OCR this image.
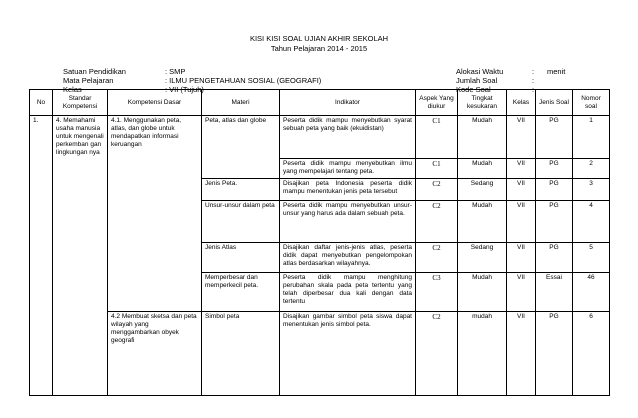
KISI KISI SOAL UJIAN AKHIR SEKOLAH
Tahun Pelajaran 2014 - 2015
Satuan Pendidikan	: SMP
Mata Pelajaran	: ILMU PENGETAHUAN SOSIAL (GEOGRAFI)
Kelas	: VII (Tujuh)
Alokasi Waktu	: menit
Jumlah Soal	:
Kode Soal	:
No	Standar Kompetensi	Kompetensi Dasar	Materi	Indikator	Aspek Yang diukur	Tingkat kesukaran	Kelas	Jenis Soal	Nomor soal
1.	4. Memahami usaha manusia untuk mengenali perkemban gan lingkungan nya	4.1. Menggunakan peta, atlas, dan globe untuk mendapatkan informasi keruangan	Peta, atlas dan globe	Peserta didik mampu menyebutkan syarat sebuah peta yang baik (ekuidistan)	C1	Mudah	VII	PG	1
				Peserta didik mampu menyebutkan ilmu yang mempelajari tentang peta.	C1	Mudah	VII	PG	2
			Jenis Peta.	Disajikan peta Indonesia peserta didik mampu menentukan jenis peta tersebut	C2	Sedang	VII	PG	3
			Unsur-unsur dalam peta	Peserta didik mampu menyebutkan unsur-unsur yang harus ada dalam sebuah peta.	C2	Mudah	VII	PG	4
			Jenis Atlas	Disajikan daftar jenis-jenis atlas, peserta didik dapat menyebutkan pengelompokan atlas berdasarkan wilayahnya.	C2	Sedang	VII	PG	5
			Memperbesar dan memperkecil peta.	Peserta didik mampu menghitung perubahan skala pada peta tertentu yang telah diperbesar dua kali dengan data tertentu	C3	Mudah	VII	Essai	46
		4.2 Membuat sketsa dan peta wilayah yang menggambarkan obyek geografi	Simbol peta	Disajikan gambar simbol peta siswa dapat menentukan jenis simbol peta.	C2	mudah	VII	PG	6
